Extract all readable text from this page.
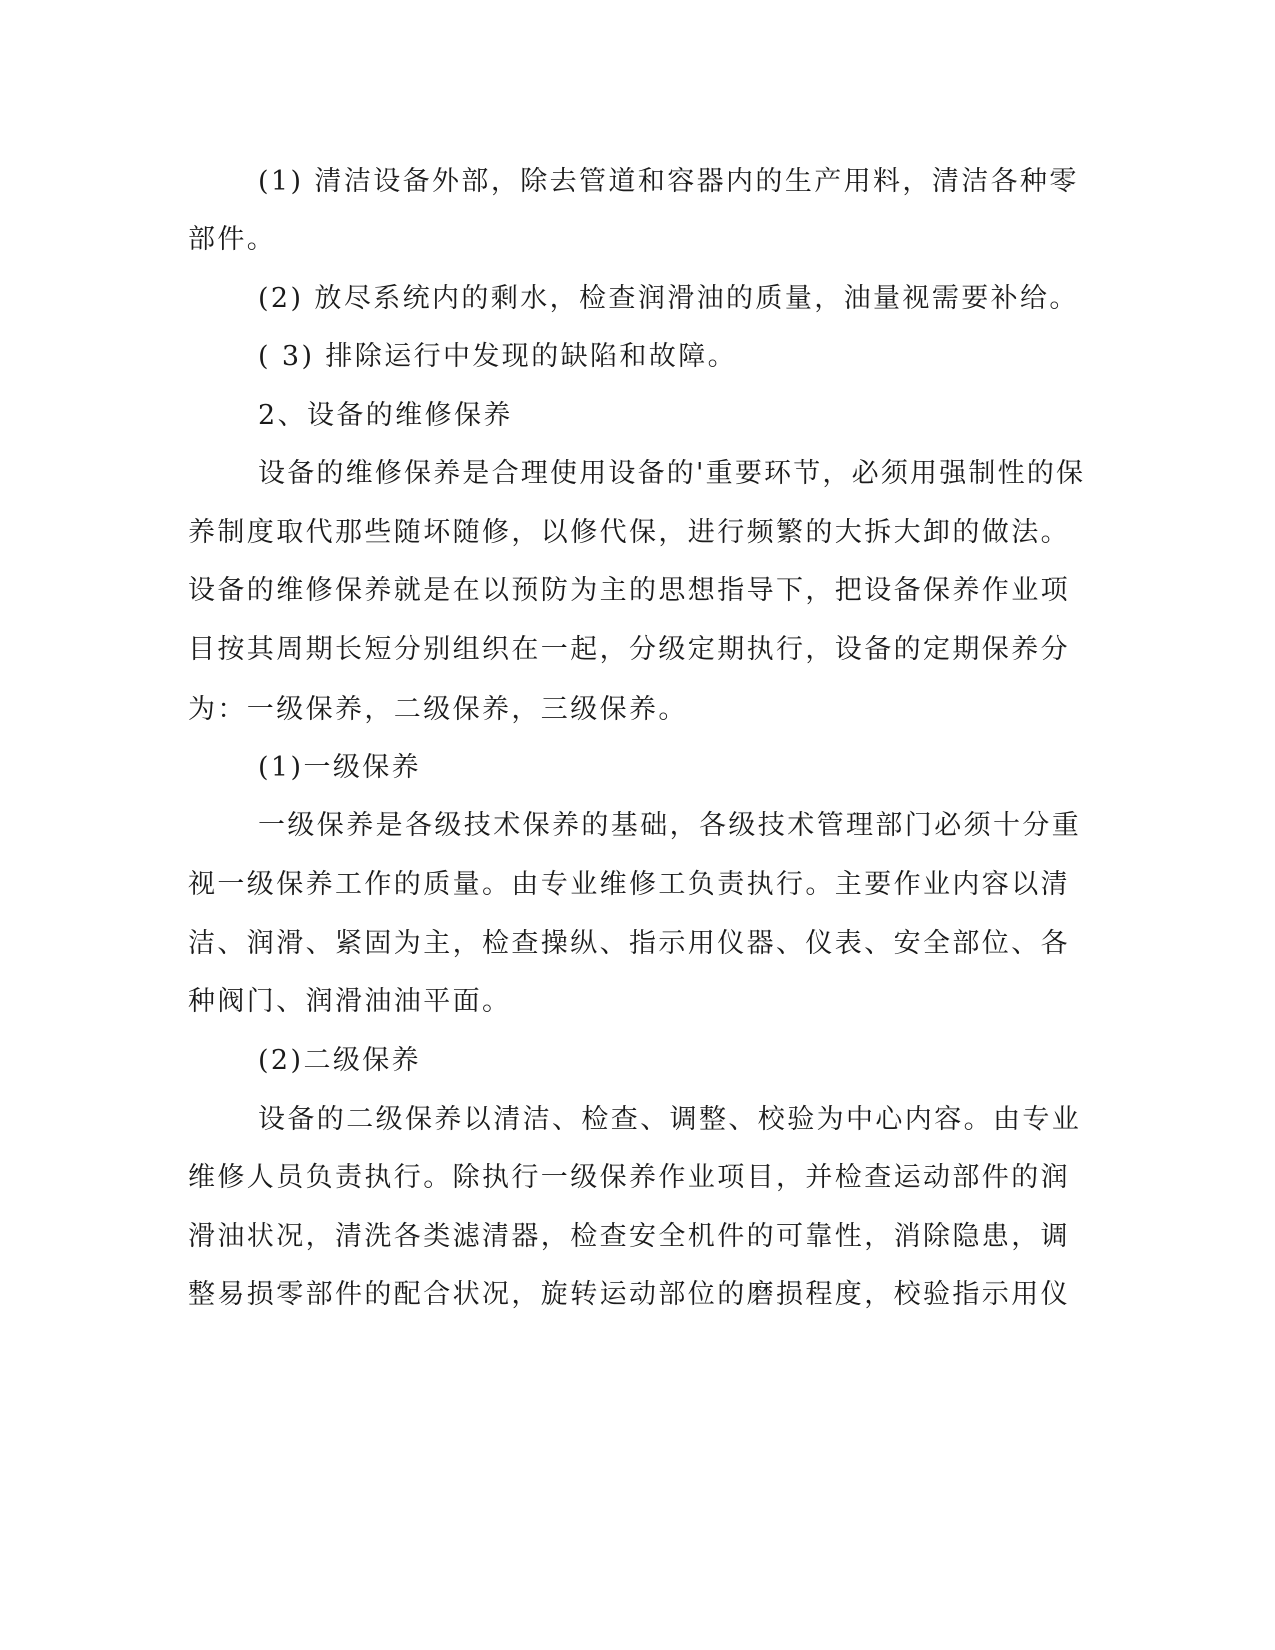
(1) 清洁设备外部，除去管道和容器内的生产用料，清洁各种零
部件。
(2) 放尽系统内的剩水，检查润滑油的质量，油量视需要补给。
( 3) 排除运行中发现的缺陷和故障。
2、设备的维修保养
设备的维修保养是合理使用设备的'重要环节，必须用强制性的保
养制度取代那些随坏随修，以修代保，进行频繁的大拆大卸的做法。
设备的维修保养就是在以预防为主的思想指导下，把设备保养作业项
目按其周期长短分别组织在一起，分级定期执行，设备的定期保养分
为：一级保养，二级保养，三级保养。
(1)一级保养
一级保养是各级技术保养的基础，各级技术管理部门必须十分重
视一级保养工作的质量。由专业维修工负责执行。主要作业内容以清
洁、润滑、紧固为主，检查操纵、指示用仪器、仪表、安全部位、各
种阀门、润滑油油平面。
(2)二级保养
设备的二级保养以清洁、检查、调整、校验为中心内容。由专业
维修人员负责执行。除执行一级保养作业项目，并检查运动部件的润
滑油状况，清洗各类滤清器，检查安全机件的可靠性，消除隐患，调
整易损零部件的配合状况，旋转运动部位的磨损程度，校验指示用仪
